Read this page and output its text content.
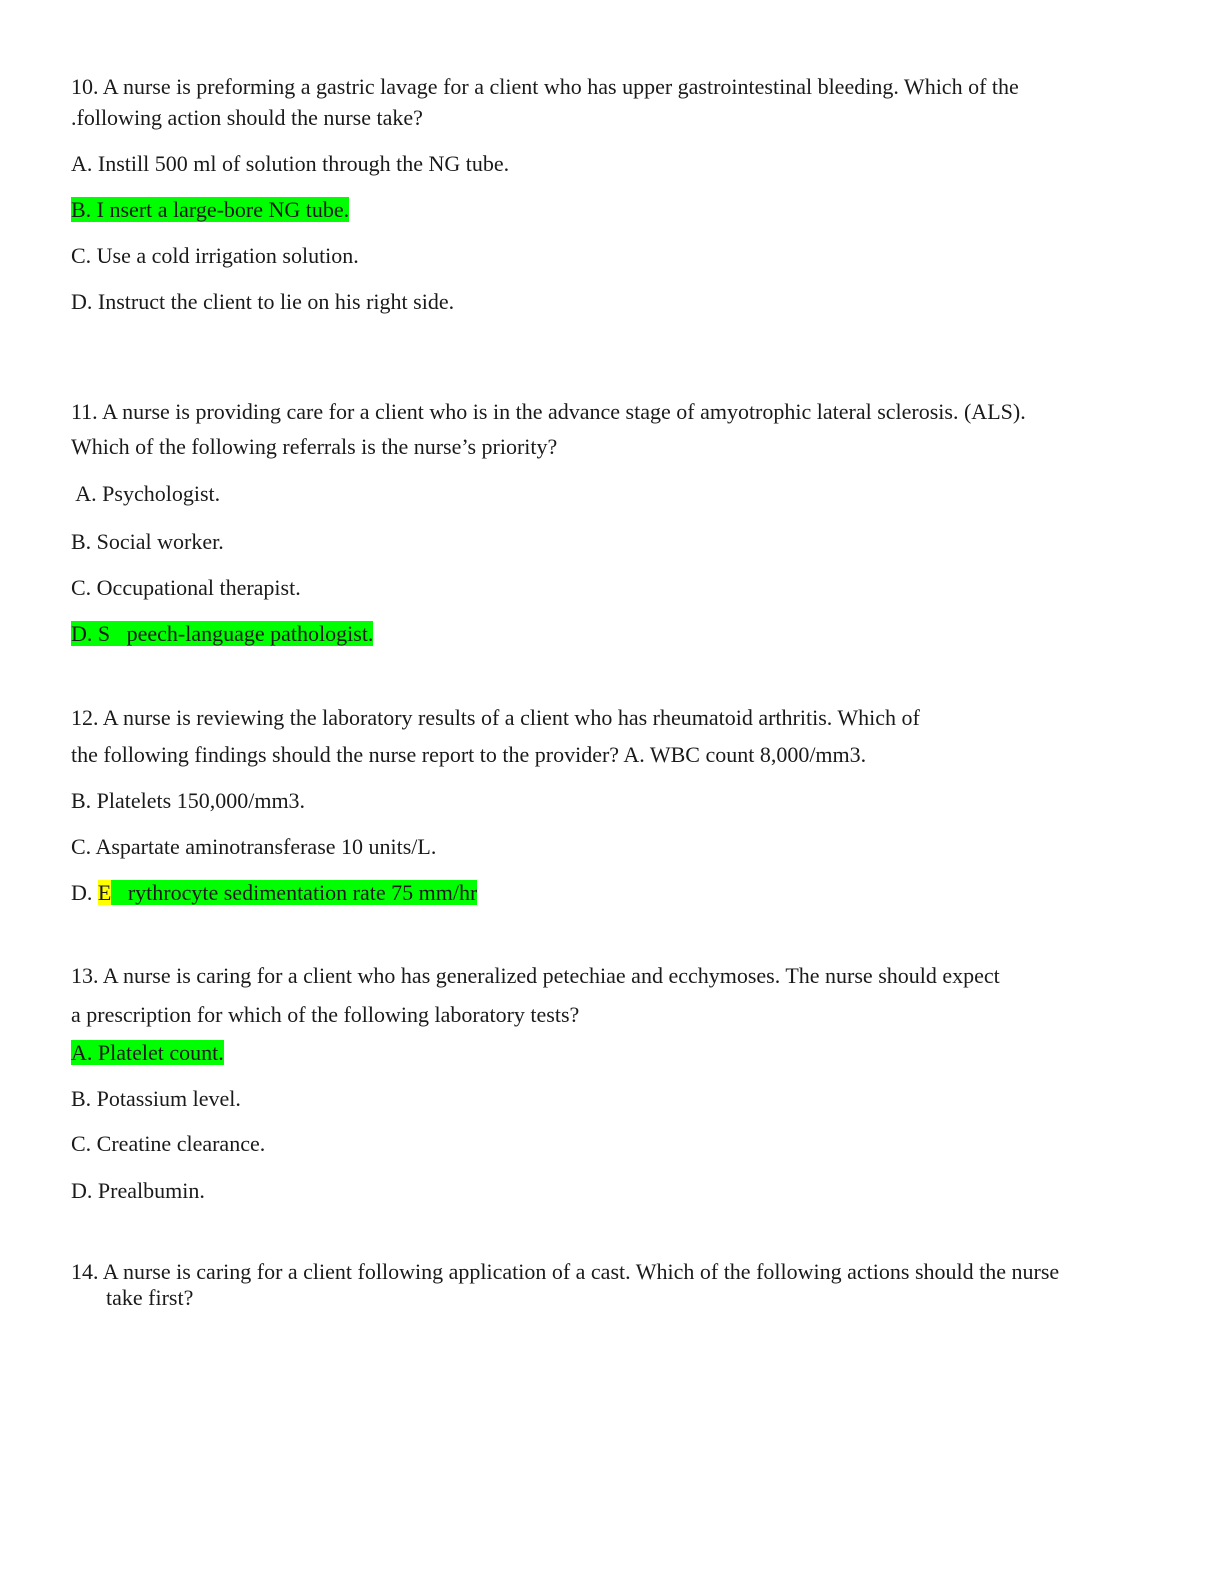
10. A nurse is preforming a gastric lavage for a client who has upper gastrointestinal bleeding. Which of the
.following action should the nurse take?
A. Instill 500 ml of solution through the NG tube.
B. I nsert a large-bore NG tube.
C. Use a cold irrigation solution.
D. Instruct the client to lie on his right side.
11. A nurse is providing care for a client who is in the advance stage of amyotrophic lateral sclerosis. (ALS).
Which of the following referrals is the nurse’s priority?
A. Psychologist.
B. Social worker.
C. Occupational therapist.
D. S   peech-language pathologist.
12. A nurse is reviewing the laboratory results of a client who has rheumatoid arthritis. Which of
the following findings should the nurse report to the provider? A. WBC count 8,000/mm3.
B. Platelets 150,000/mm3.
C. Aspartate aminotransferase 10 units/L.
D. E   rythrocyte sedimentation rate 75 mm/hr
13. A nurse is caring for a client who has generalized petechiae and ecchymoses. The nurse should expect
a prescription for which of the following laboratory tests?
A. Platelet count.
B. Potassium level.
C. Creatine clearance.
D. Prealbumin.
14. A nurse is caring for a client following application of a cast. Which of the following actions should the nurse
take first?
